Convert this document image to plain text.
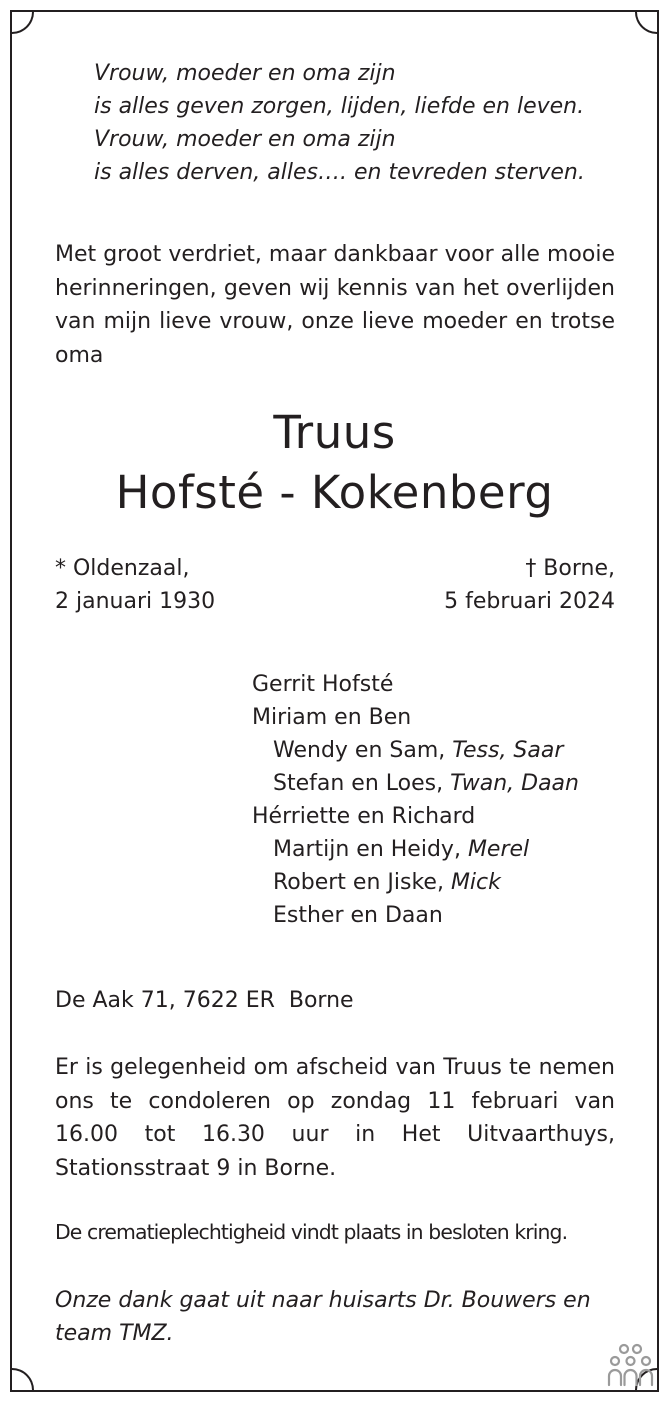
Vrouw, moeder en oma zijn
is alles geven zorgen, lijden, liefde en leven.
Vrouw, moeder en oma zijn
is alles derven, alles…. en tevreden sterven.
Met groot verdriet, maar dankbaar voor alle mooie herinneringen, geven wij kennis van het overlijden van mijn lieve vrouw, onze lieve moeder en trotse oma
Truus
Hofsté - Kokenberg
* Oldenzaal,
2 januari 1930
† Borne,
5 februari 2024
Gerrit Hofsté
Miriam en Ben
Wendy en Sam, Tess, Saar
Stefan en Loes, Twan, Daan
Hérriette en Richard
Martijn en Heidy, Merel
Robert en Jiske, Mick
Esther en Daan
De Aak 71, 7622 ER  Borne
Er is gelegenheid om afscheid van Truus te nemen ons te condoleren op zondag 11 februari van 16.00 tot 16.30 uur in Het Uitvaarthuys, Stationsstraat 9 in Borne.
De crematieplechtigheid vindt plaats in besloten kring.
Onze dank gaat uit naar huisarts Dr. Bouwers en team TMZ.
